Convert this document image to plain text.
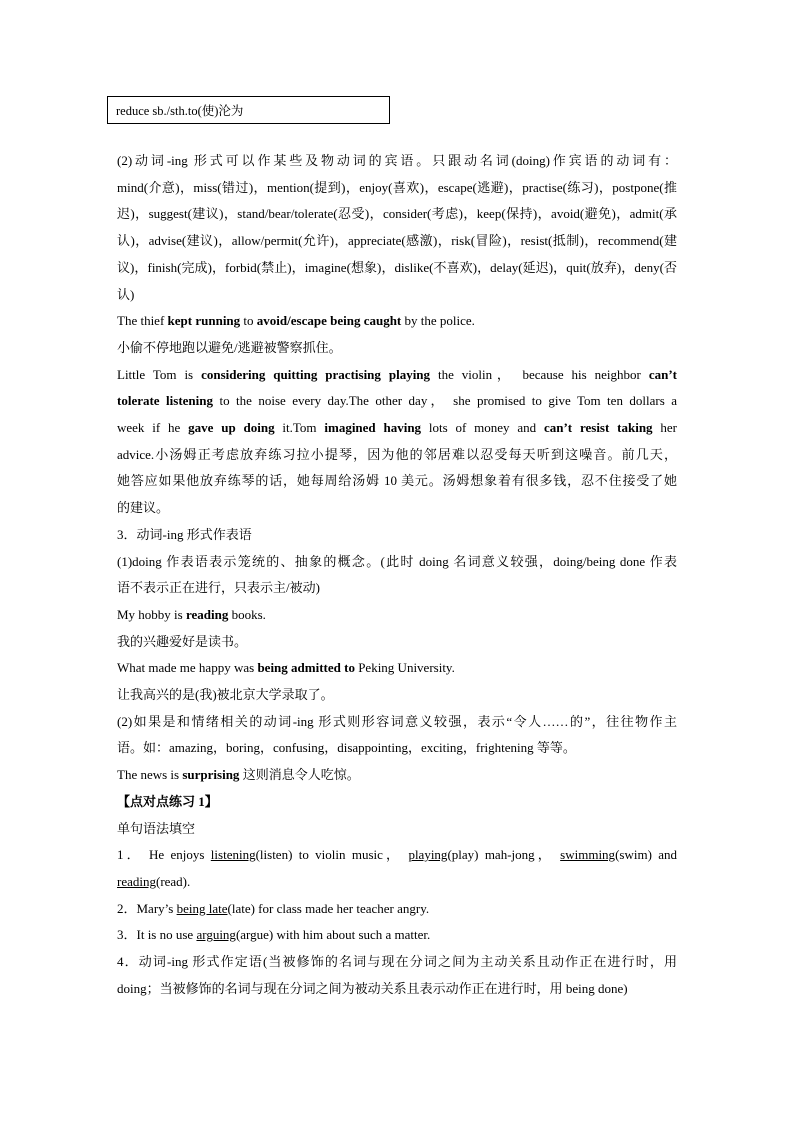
reduce sb./sth.to(使)沦为
(2)动词-ing 形式可以作某些及物动词的宾语。只跟动名词(doing)作宾语的动词有：
mind(介意)，miss(错过)，mention(提到)，enjoy(喜欢)，escape(逃避)，practise(练习)，postpone(推
迟)，suggest(建议)，stand/bear/tolerate(忍受)，consider(考虑)，keep(保持)，avoid(避免)，admit(承
认)，advise(建议)，allow/permit(允许)，appreciate(感激)，risk(冒险)，resist(抵制)，recommend(建
议)，finish(完成)，forbid(禁止)，imagine(想象)，dislike(不喜欢)，delay(延迟)，quit(放弃)，deny(否
认)
The thief kept running to avoid/escape being caught by the police.
小偷不停地跑以避免/逃避被警察抓住。
Little Tom is considering quitting practising playing the violin， because his neighbor can’t
tolerate listening to the noise every day.The other day， she promised to give Tom ten dollars a
week if he gave up doing it.Tom imagined having lots of money and can’t resist taking her
advice.小汤姆正考虑放弃练习拉小提琴，因为他的邻居难以忍受每天听到这噪音。前几天，
她答应如果他放弃练琴的话，她每周给汤姆 10 美元。汤姆想象着有很多钱，忍不住接受了她
的建议。
3．动词-ing 形式作表语
(1)doing 作表语表示笼统的、抽象的概念。(此时 doing 名词意义较强，doing/being done 作表
语不表示正在进行，只表示主/被动)
My hobby is reading books.
我的兴趣爱好是读书。
What made me happy was being admitted to Peking University.
让我高兴的是(我)被北京大学录取了。
(2)如果是和情绪相关的动词-ing 形式则形容词意义较强，表示“令人……的”，往往物作主
语。如：amazing，boring，confusing，disappointing，exciting，frightening 等等。
The news is surprising 这则消息令人吃惊。
【点对点练习 1】
单句语法填空
1． He enjoys listening(listen) to violin music， playing(play) mah-jong， swimming(swim) and
reading(read).
2．Mary’s being late(late) for class made her teacher angry.
3．It is no use arguing(argue) with him about such a matter.
4．动词-ing 形式作定语(当被修饰的名词与现在分词之间为主动关系且动作正在进行时，用
doing；当被修饰的名词与现在分词之间为被动关系且表示动作正在进行时，用 being done)
